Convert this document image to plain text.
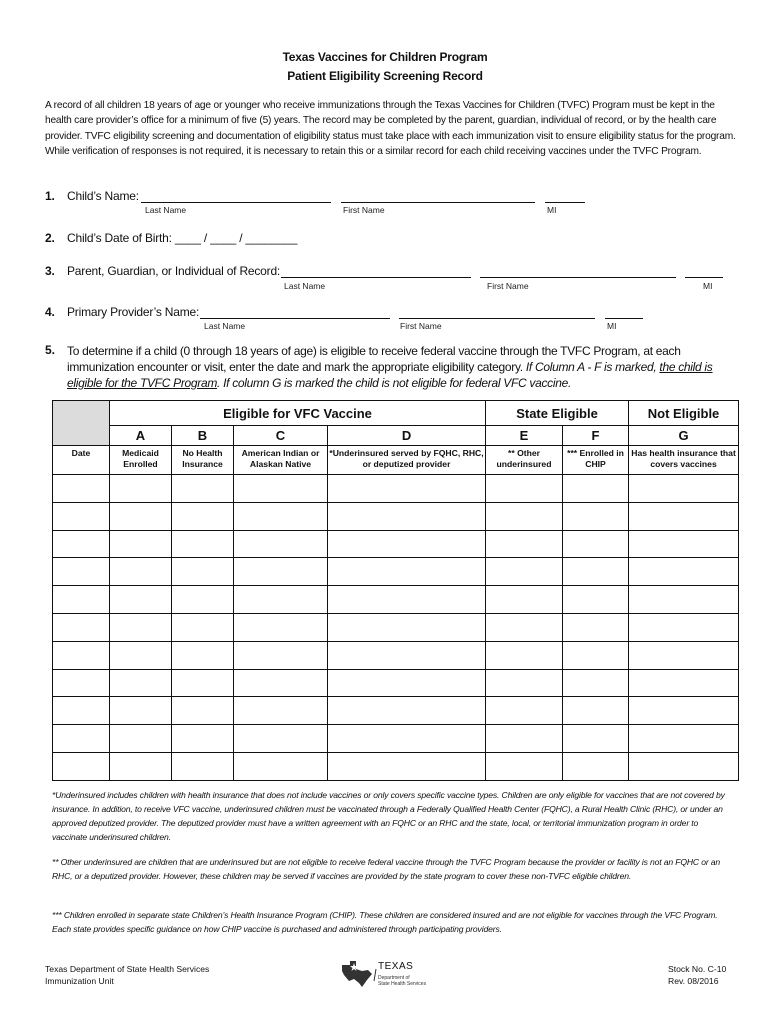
Texas Vaccines for Children Program
Patient Eligibility Screening Record
A record of all children 18 years of age or younger who receive immunizations through the Texas Vaccines for Children (TVFC) Program must be kept in the health care provider’s office for a minimum of five (5) years. The record may be completed by the parent, guardian, individual of record, or by the health care provider. TVFC eligibility screening and documentation of eligibility status must take place with each immunization visit to ensure eligibility status for the program. While verification of responses is not required, it is necessary to retain this or a similar record for each child receiving vaccines under the TVFC Program.
1. Child’s Name:
Last Name	First Name	MI
2. Child’s Date of Birth: ____ / ____ / ________
3. Parent, Guardian, or Individual of Record:
Last Name	First Name	MI
4. Primary Provider’s Name:
Last Name	First Name	MI
5. To determine if a child (0 through 18 years of age) is eligible to receive federal vaccine through the TVFC Program, at each immunization encounter or visit, enter the date and mark the appropriate eligibility category. If Column A - F is marked, the child is eligible for the TVFC Program. If column G is marked the child is not eligible for federal VFC vaccine.
	Eligible for VFC Vaccine				State Eligible		Not Eligible
	A	B	C	D	E	F	G
Date	Medicaid Enrolled	No Health Insurance	American Indian or Alaskan Native	*Underinsured served by FQHC, RHC, or deputized provider	** Other underinsured	*** Enrolled in CHIP	Has health insurance that covers vaccines

*Underinsured includes children with health insurance that does not include vaccines or only covers specific vaccine types. Children are only eligible for vaccines that are not covered by insurance. In addition, to receive VFC vaccine, underinsured children must be vaccinated through a Federally Qualified Health Center (FQHC), a Rural Health Clinic (RHC), or under an approved deputized provider. The deputized provider must have a written agreement with an FQHC or an RHC and the state, local, or territorial immunization program in order to vaccinate underinsured children.
** Other underinsured are children that are underinsured but are not eligible to receive federal vaccine through the TVFC Program because the provider or facility is not an FQHC or an RHC, or a deputized provider. However, these children may be served if vaccines are provided by the state program to cover these non-TVFC eligible children.
*** Children enrolled in separate state Children’s Health Insurance Program (CHIP). These children are considered insured and are not eligible for vaccines through the VFC Program. Each state provides specific guidance on how CHIP vaccine is purchased and administered through participating providers.
Texas Department of State Health Services
Immunization Unit
TEXAS
Department of
State Health Services
Stock No. C-10
Rev. 08/2016
